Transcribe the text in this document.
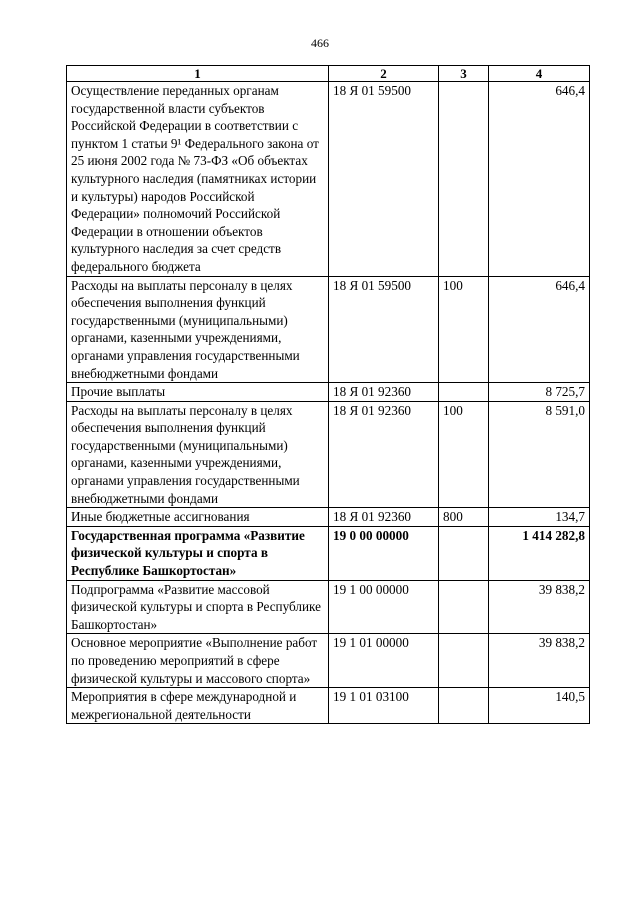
466
1	2	3	4
Осуществление переданных органам государственной власти субъектов Российской Федерации в соответствии с пунктом 1 статьи 9¹ Федерального закона от 25 июня 2002 года № 73-ФЗ «Об объектах культурного наследия (памятниках истории и культуры) народов Российской Федерации» полномочий Российской Федерации в отношении объектов культурного наследия за счет средств федерального бюджета	18 Я 01 59500		646,4
Расходы на выплаты персоналу в целях обеспечения выполнения функций государственными (муниципальными) органами, казенными учреждениями, органами управления государственными внебюджетными фондами	18 Я 01 59500	100	646,4
Прочие выплаты	18 Я 01 92360		8 725,7
Расходы на выплаты персоналу в целях обеспечения выполнения функций государственными (муниципальными) органами, казенными учреждениями, органами управления государственными внебюджетными фондами	18 Я 01 92360	100	8 591,0
Иные бюджетные ассигнования	18 Я 01 92360	800	134,7
Государственная программа «Развитие физической культуры и спорта в Республике Башкортостан»	19 0 00 00000		1 414 282,8
Подпрограмма «Развитие массовой физической культуры и спорта в Республике Башкортостан»	19 1 00 00000		39 838,2
Основное мероприятие «Выполнение работ по проведению мероприятий в сфере физической культуры и массового спорта»	19 1 01 00000		39 838,2
Мероприятия в сфере международной и межрегиональной деятельности	19 1 01 03100		140,5
